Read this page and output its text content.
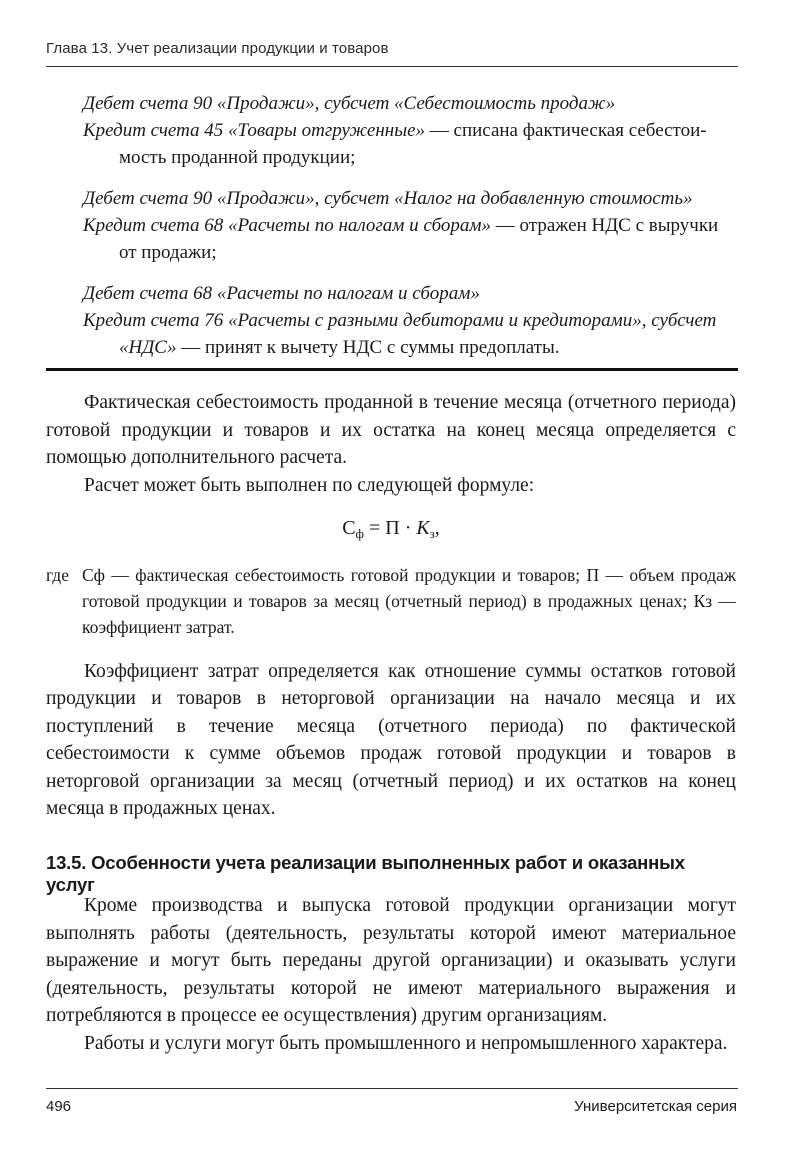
Глава 13. Учет реализации продукции и товаров

Дебет счета 90 «Продажи», субсчет «Себестоимость продаж»

Кредит счета 45 «Товары отгруженные» — списана фактическая себестои-

мость проданной продукции;

Дебет счета 90 «Продажи», субсчет «Налог на добавленную стоимость»

Кредит счета 68 «Расчеты по налогам и сборам» — отражен НДС с выручки

от продажи;

Дебет счета 68 «Расчеты по налогам и сборам»

Кредит счета 76 «Расчеты с разными дебиторами и кредиторами», субсчет

«НДС» — принят к вычету НДС с суммы предоплаты.

Фактическая себестоимость проданной в течение месяца (отчетного периода) готовой продукции и товаров и их остатка на конец месяца определяется с помощью дополнительного расчета.

Расчет может быть выполнен по следующей формуле:

$С_ф = П \cdot К_з$,
где Сф — фактическая себестоимость готовой продукции и товаров; П — объем продаж готовой продукции и товаров за месяц (отчетный период) в продажных ценах; Кз — коэффициент затрат.

Коэффициент затрат определяется как отношение суммы остатков готовой продукции и товаров в неторговой организации на начало месяца и их поступлений в течение месяца (отчетного периода) по фактической себестоимости к сумме объемов продаж готовой продукции и товаров в неторговой организации за месяц (отчетный период) и их остатков на конец месяца в продажных ценах.

13.5. Особенности учета реализации выполненных работ и оказанных услуг

Кроме производства и выпуска готовой продукции организации могут выполнять работы (деятельность, результаты которой имеют материальное выражение и могут быть переданы другой организации) и оказывать услуги (деятельность, результаты которой не имеют материального выражения и потребляются в процессе ее осуществления) другим организациям.

Работы и услуги могут быть промышленного и непромышленного характера.

496	Университетская серия
